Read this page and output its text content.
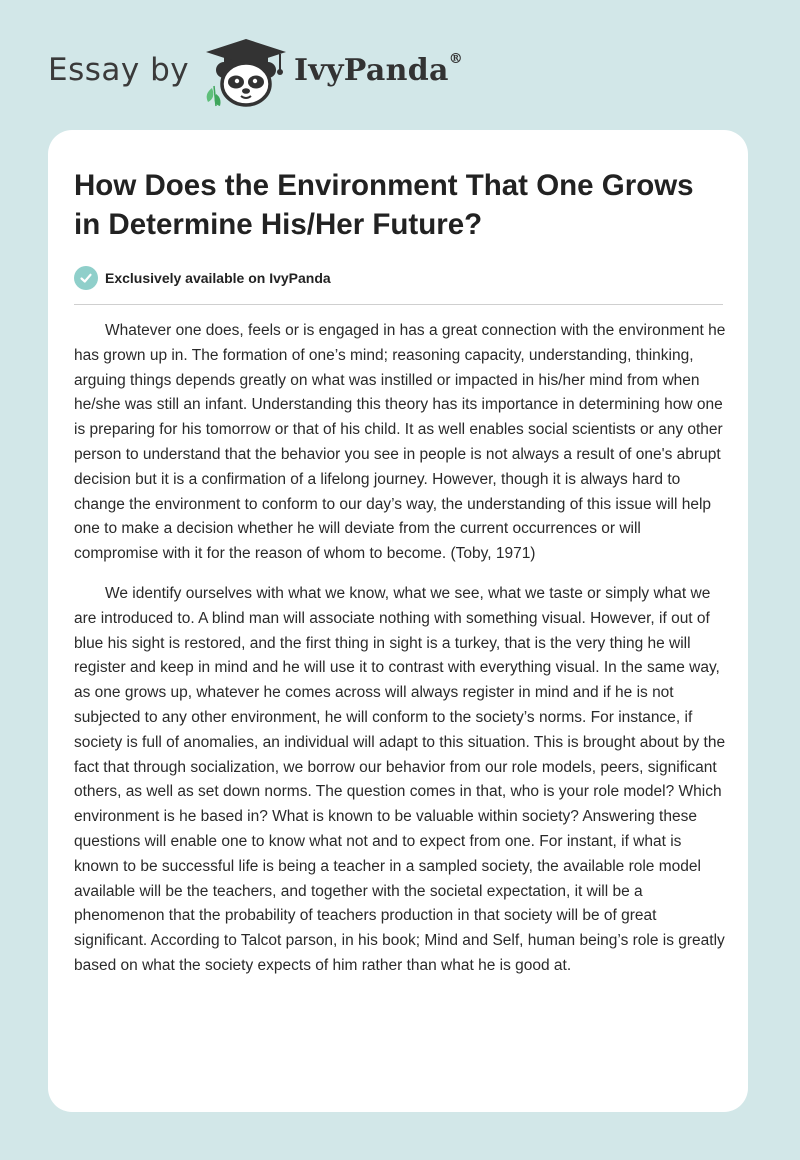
Essay by	IvyPanda®
How Does the Environment That One Grows in Determine His/Her Future?
Exclusively available on IvyPanda

Whatever one does, feels or is engaged in has a great connection with the environment he has grown up in. The formation of one’s mind; reasoning capacity, understanding, thinking, arguing things depends greatly on what was instilled or impacted in his/her mind from when he/she was still an infant. Understanding this theory has its importance in determining how one is preparing for his tomorrow or that of his child. It as well enables social scientists or any other person to understand that the behavior you see in people is not always a result of one's abrupt decision but it is a confirmation of a lifelong journey. However, though it is always hard to change the environment to conform to our day’s way, the understanding of this issue will help one to make a decision whether he will deviate from the current occurrences or will compromise with it for the reason of whom to become. (Toby, 1971)

We identify ourselves with what we know, what we see, what we taste or simply what we are introduced to. A blind man will associate nothing with something visual. However, if out of blue his sight is restored, and the first thing in sight is a turkey, that is the very thing he will register and keep in mind and he will use it to contrast with everything visual. In the same way, as one grows up, whatever he comes across will always register in mind and if he is not subjected to any other environment, he will conform to the society’s norms. For instance, if society is full of anomalies, an individual will adapt to this situation. This is brought about by the fact that through socialization, we borrow our behavior from our role models, peers, significant others, as well as set down norms. The question comes in that, who is your role model? Which environment is he based in? What is known to be valuable within society? Answering these questions will enable one to know what not and to expect from one. For instant, if what is known to be successful life is being a teacher in a sampled society, the available role model available will be the teachers, and together with the societal expectation, it will be a phenomenon that the probability of teachers production in that society will be of great significant. According to Talcot parson, in his book; Mind and Self, human being’s role is greatly based on what the society expects of him rather than what he is good at.
